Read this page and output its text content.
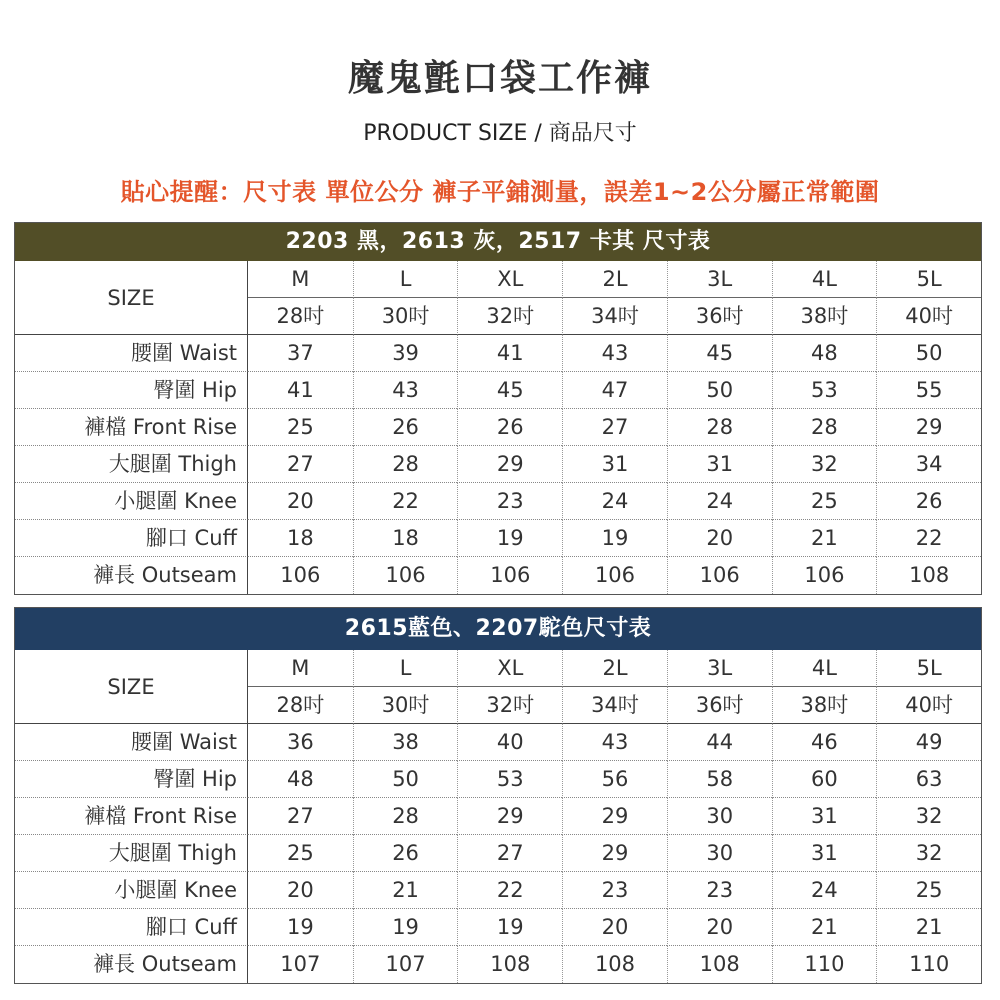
魔鬼氈口袋工作褲
PRODUCT SIZE / 商品尺寸
貼心提醒：尺寸表 單位公分 褲子平鋪測量，誤差1~2公分屬正常範圍
2203 黑，2613 灰，2517 卡其 尺寸表
SIZE
M	L	XL	2L	3L	4L	5L
28吋	30吋	32吋	34吋	36吋	38吋	40吋
腰圍 Waist	37	39	41	43	45	48	50
臀圍 Hip	41	43	45	47	50	53	55
褲檔 Front Rise	25	26	26	27	28	28	29
大腿圍 Thigh	27	28	29	31	31	32	34
小腿圍 Knee	20	22	23	24	24	25	26
腳口 Cuff	18	18	19	19	20	21	22
褲長 Outseam	106	106	106	106	106	106	108
2615藍色、2207駝色尺寸表
SIZE
M	L	XL	2L	3L	4L	5L
28吋	30吋	32吋	34吋	36吋	38吋	40吋
腰圍 Waist	36	38	40	43	44	46	49
臀圍 Hip	48	50	53	56	58	60	63
褲檔 Front Rise	27	28	29	29	30	31	32
大腿圍 Thigh	25	26	27	29	30	31	32
小腿圍 Knee	20	21	22	23	23	24	25
腳口 Cuff	19	19	19	20	20	21	21
褲長 Outseam	107	107	108	108	108	110	110
